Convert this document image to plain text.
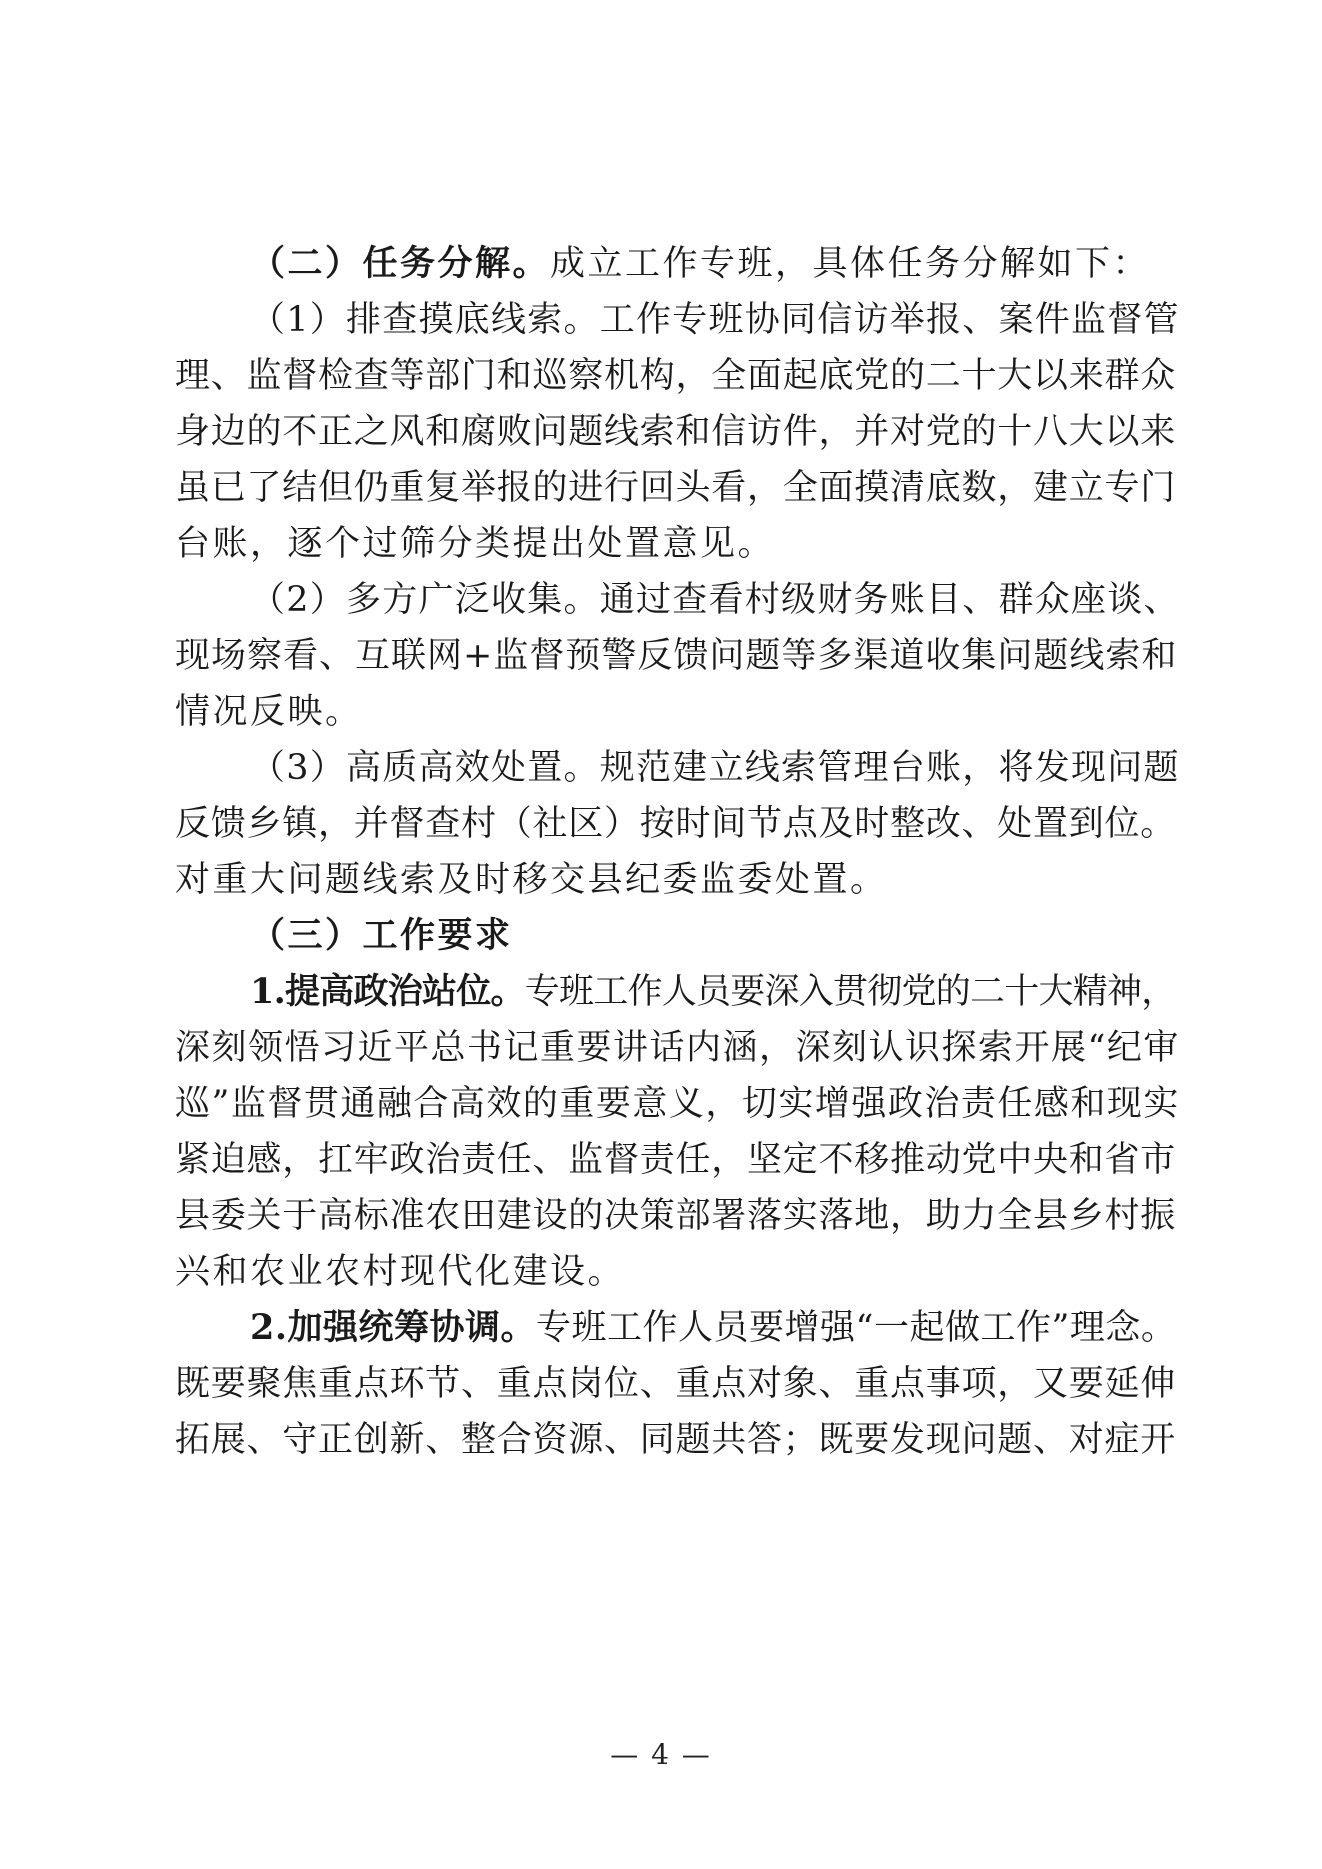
（二）任务分解。成立工作专班，具体任务分解如下：
（1）排查摸底线索。工作专班协同信访举报、案件监督管
理、监督检查等部门和巡察机构，全面起底党的二十大以来群众
身边的不正之风和腐败问题线索和信访件，并对党的十八大以来
虽已了结但仍重复举报的进行回头看，全面摸清底数，建立专门
台账，逐个过筛分类提出处置意见。
（2）多方广泛收集。通过查看村级财务账目、群众座谈、
现场察看、互联网+监督预警反馈问题等多渠道收集问题线索和
情况反映。
（3）高质高效处置。规范建立线索管理台账，将发现问题
反馈乡镇，并督查村（社区）按时间节点及时整改、处置到位。
对重大问题线索及时移交县纪委监委处置。
（三）工作要求
1.提高政治站位。专班工作人员要深入贯彻党的二十大精神，
深刻领悟习近平总书记重要讲话内涵，深刻认识探索开展“纪审
巡”监督贯通融合高效的重要意义，切实增强政治责任感和现实
紧迫感，扛牢政治责任、监督责任，坚定不移推动党中央和省市
县委关于高标准农田建设的决策部署落实落地，助力全县乡村振
兴和农业农村现代化建设。
2.加强统筹协调。专班工作人员要增强“一起做工作”理念。
既要聚焦重点环节、重点岗位、重点对象、重点事项，又要延伸
拓展、守正创新、整合资源、同题共答；既要发现问题、对症开
— 4 —
